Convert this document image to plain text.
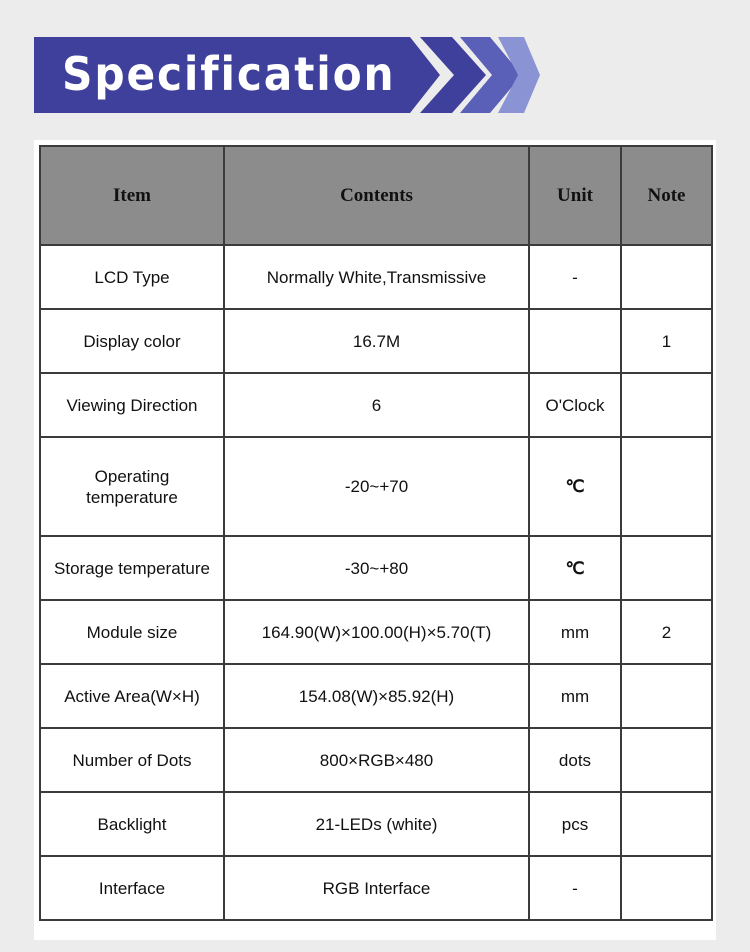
Specification
Item	Contents	Unit	Note
LCD Type	Normally White,Transmissive	-	
Display color	16.7M		1
Viewing Direction	6	O'Clock	
Operating temperature	-20~+70	℃	
Storage temperature	-30~+80	℃	
Module size	164.90(W)×100.00(H)×5.70(T)	mm	2
Active Area(W×H)	154.08(W)×85.92(H)	mm	
Number of Dots	800×RGB×480	dots	
Backlight	21-LEDs (white)	pcs	
Interface	RGB Interface	-	
